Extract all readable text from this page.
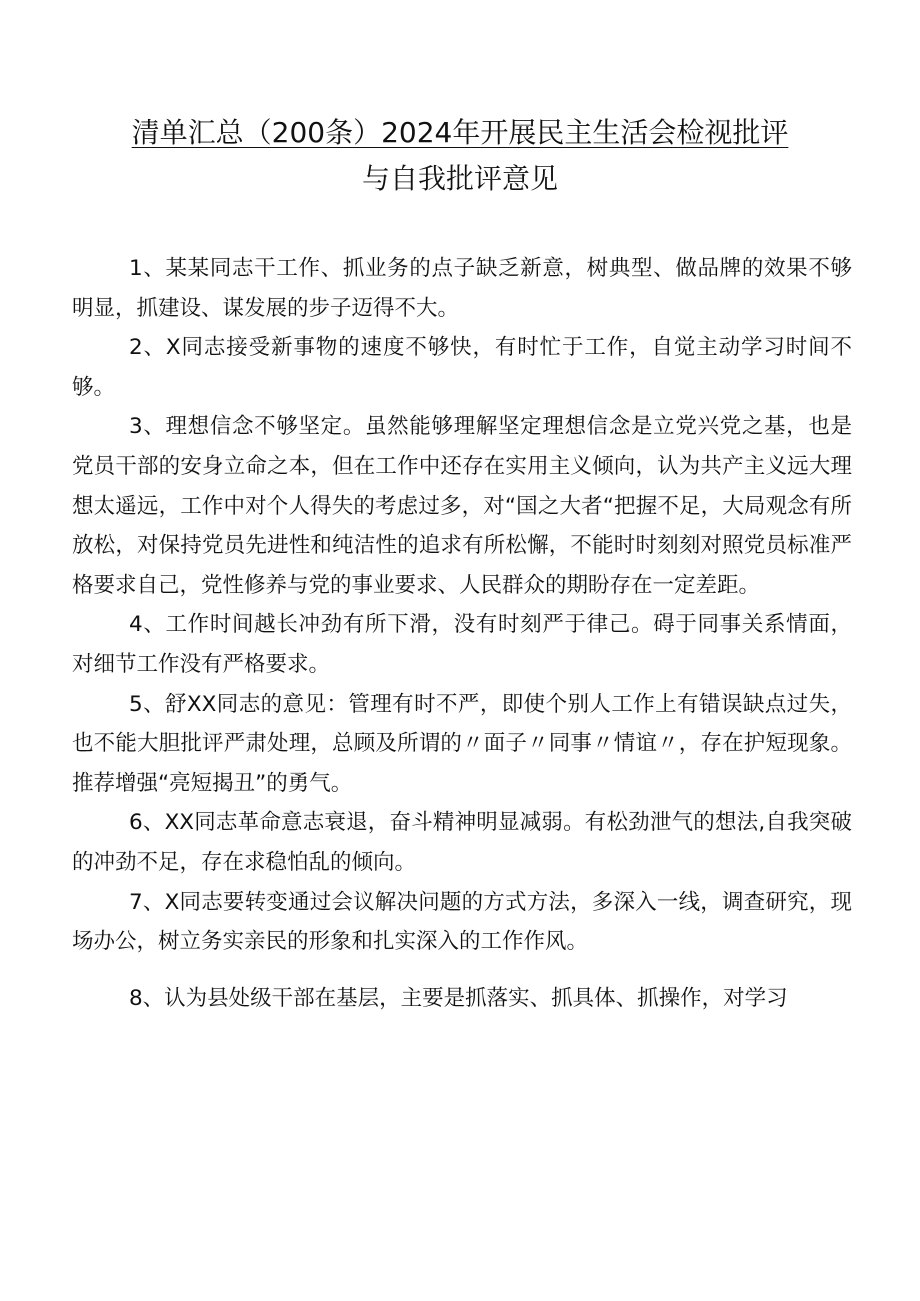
清单汇总（200条）2024年开展民主生活会检视批评
与自我批评意见

1、某某同志干工作、抓业务的点子缺乏新意，树典型、做品牌的效果不够明显，抓建设、谋发展的步子迈得不大。

2、X同志接受新事物的速度不够快，有时忙于工作，自觉主动学习时间不够。

3、理想信念不够坚定。虽然能够理解坚定理想信念是立党兴党之基，也是党员干部的安身立命之本，但在工作中还存在实用主义倾向，认为共产主义远大理想太遥远，工作中对个人得失的考虑过多，对“国之大者“把握不足，大局观念有所放松，对保持党员先进性和纯洁性的追求有所松懈，不能时时刻刻对照党员标准严格要求自己，党性修养与党的事业要求、人民群众的期盼存在一定差距。

4、工作时间越长冲劲有所下滑，没有时刻严于律己。碍于同事关系情面，对细节工作没有严格要求。

5、舒XX同志的意见：管理有时不严，即使个别人工作上有错误缺点过失，也不能大胆批评严肃处理，总顾及所谓的〃面子〃同事〃情谊〃，存在护短现象。推荐增强“亮短揭丑”的勇气。

6、XX同志革命意志衰退，奋斗精神明显减弱。有松劲泄气的想法,自我突破的冲劲不足，存在求稳怕乱的倾向。

7、X同志要转变通过会议解决问题的方式方法，多深入一线，调查研究，现场办公，树立务实亲民的形象和扎实深入的工作作风。

8、认为县处级干部在基层，主要是抓落实、抓具体、抓操作，对学习
